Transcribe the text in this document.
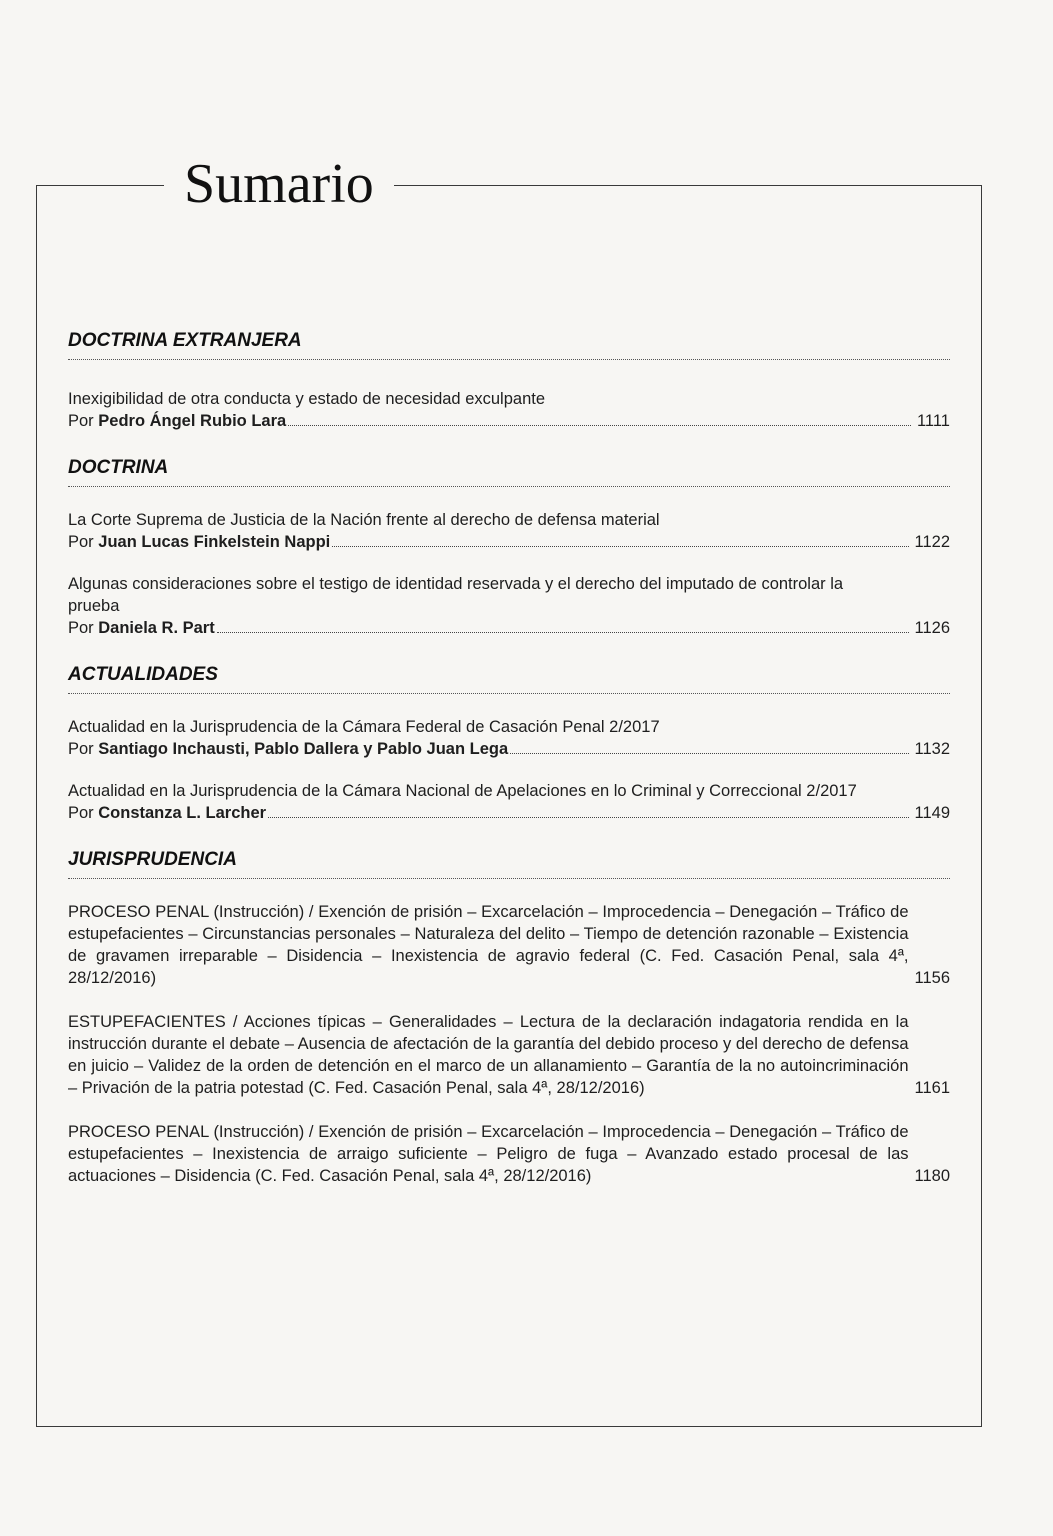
Sumario
DOCTRINA EXTRANJERA

Inexigibilidad de otra conducta y estado de necesidad exculpante

Por Pedro Ángel Rubio Lara	1111
DOCTRINA

La Corte Suprema de Justicia de la Nación frente al derecho de defensa material

Por Juan Lucas Finkelstein Nappi	1122

Algunas consideraciones sobre el testigo de identidad reservada y el derecho del imputado de controlar la prueba

Por Daniela R. Part	1126
ACTUALIDADES

Actualidad en la Jurisprudencia de la Cámara Federal de Casación Penal 2/2017

Por Santiago Inchausti, Pablo Dallera y Pablo Juan Lega	1132

Actualidad en la Jurisprudencia de la Cámara Nacional de Apelaciones en lo Criminal y Correccional 2/2017

Por Constanza L. Larcher	1149
JURISPRUDENCIA
PROCESO PENAL (Instrucción) / Exención de prisión – Excarcelación – Improcedencia – Denegación – Tráfico de estupefacientes – Circunstancias personales – Naturaleza del delito – Tiempo de detención razonable – Existencia de gravamen irreparable – Disidencia – Inexistencia de agravio federal (C. Fed. Casación Penal, sala 4ª, 28/12/2016)	1156
ESTUPEFACIENTES / Acciones típicas – Generalidades – Lectura de la declaración indagatoria rendida en la instrucción durante el debate – Ausencia de afectación de la garantía del debido proceso y del derecho de defensa en juicio – Validez de la orden de detención en el marco de un allanamiento – Garantía de la no autoincriminación – Privación de la patria potestad (C. Fed. Casación Penal, sala 4ª, 28/12/2016)	1161
PROCESO PENAL (Instrucción) / Exención de prisión – Excarcelación – Improcedencia – Denegación – Tráfico de estupefacientes – Inexistencia de arraigo suficiente – Peligro de fuga – Avanzado estado procesal de las actuaciones – Disidencia (C. Fed. Casación Penal, sala 4ª, 28/12/2016)	1180
